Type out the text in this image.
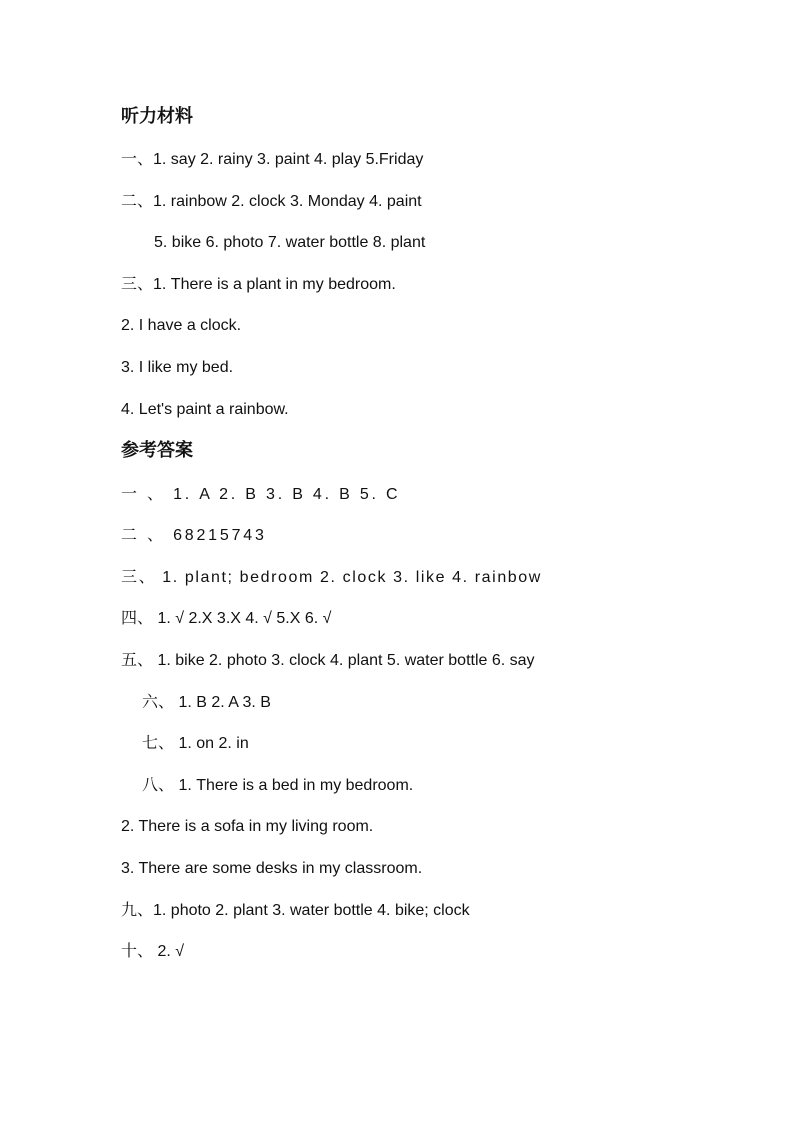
听力材料
一、1. say 2. rainy 3. paint 4. play 5.Friday
二、1. rainbow 2. clock 3. Monday 4. paint
5. bike 6. photo 7. water bottle 8. plant
三、1. There is a plant in my bedroom.
2. I have a clock.
3. I like my bed.
4. Let's paint a rainbow.
参考答案
一 、 1. A 2. B 3. B 4. B 5. C
二 、 68215743
三、 1. plant; bedroom 2. clock 3. like 4. rainbow
四、 1. √ 2.X 3.X 4. √ 5.X 6. √
五、 1. bike 2. photo 3. clock 4. plant 5. water bottle 6. say
六、 1. B 2. A 3. B
七、 1. on 2. in
八、 1. There is a bed in my bedroom.
2. There is a sofa in my living room.
3. There are some desks in my classroom.
九、1. photo 2. plant 3. water bottle 4. bike; clock
十、 2. √
